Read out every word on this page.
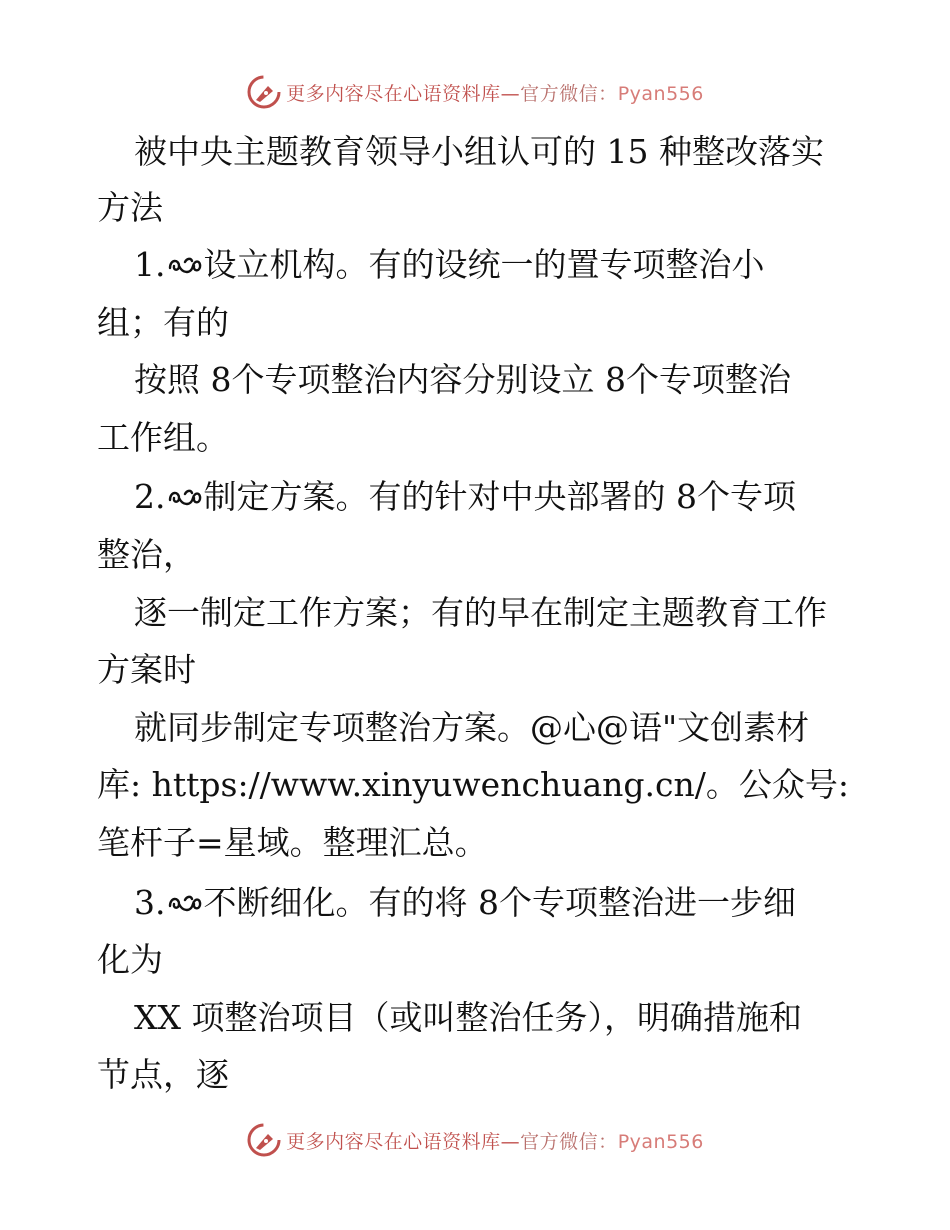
更多内容尽在心语资料库—官方微信：Pyan556
被中央主题教育领导小组认可的 15 种整改落实
方法
1. 设立机构。有的设统一的置专项整治小
组；有的
按照 8个专项整治内容分别设立 8个专项整治
工作组。
2. 制定方案。有的针对中央部署的 8个专项
整治，
逐一制定工作方案；有的早在制定主题教育工作
方案时
就同步制定专项整治方案。@心@语"文创素材
库: https://www.xinyuwenchuang.cn/。公众号:
笔杆子=星域。整理汇总。
3. 不断细化。有的将 8个专项整治进一步细
化为
XX 项整治项目（或叫整治任务），明确措施和
节点，逐
更多内容尽在心语资料库—官方微信：Pyan556
